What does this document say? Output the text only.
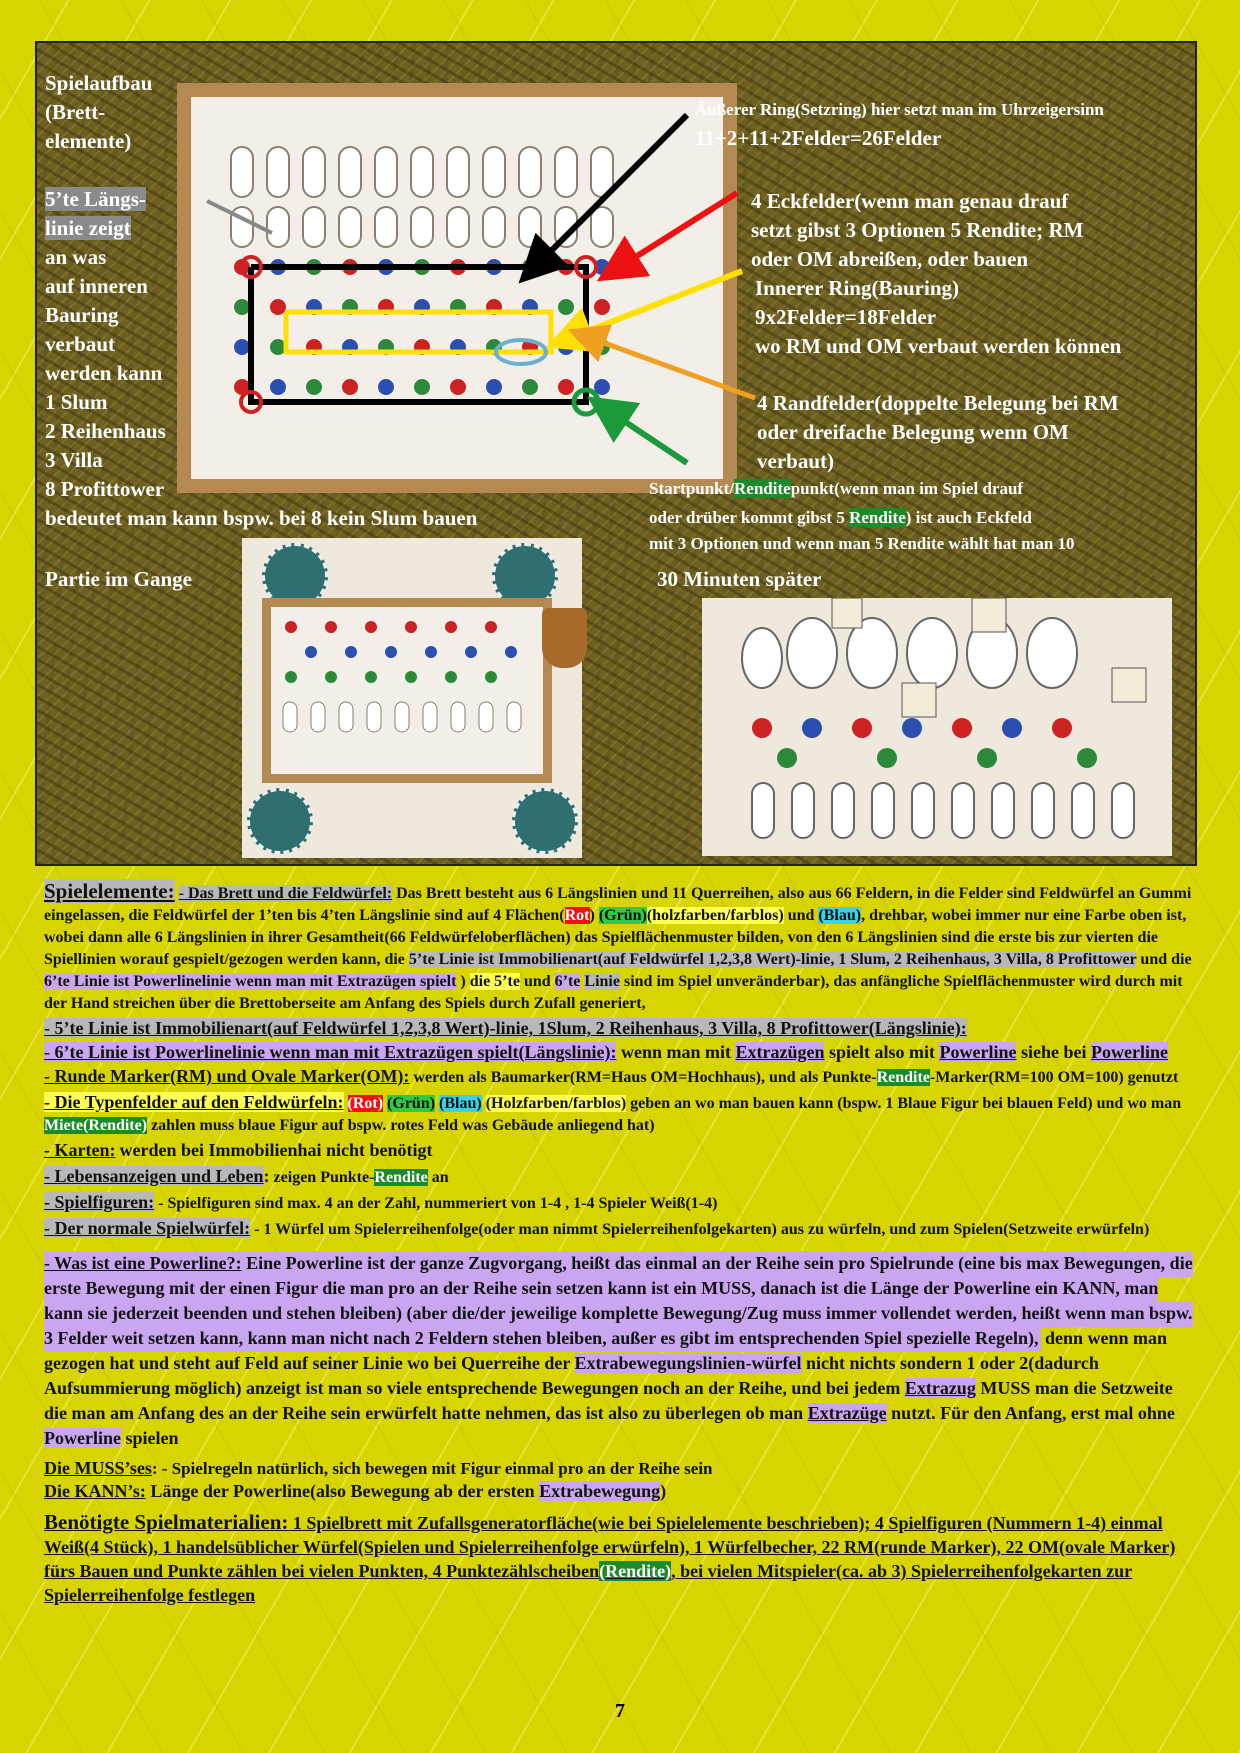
Spielaufbau
(Brett-
elemente)
5’te Längs-
linie zeigt
an was
auf inneren
Bauring
verbaut
werden kann
1 Slum
2 Reihenhaus
3 Villa
8 Profittower
bedeutet man kann bspw. bei 8 kein Slum bauen
Äußerer Ring(Setzring) hier setzt man im Uhrzeigersinn
11+2+11+2Felder=26Felder
4 Eckfelder(wenn man genau drauf
setzt gibst 3 Optionen 5 Rendite; RM
oder OM abreißen, oder bauen
Innerer Ring(Bauring)
9x2Felder=18Felder
wo RM und OM verbaut werden können
4 Randfelder(doppelte Belegung bei RM
oder dreifache Belegung wenn OM
verbaut)
Startpunkt/Renditepunkt(wenn man im Spiel drauf
oder drüber kommt gibst 5 Rendite) ist auch Eckfeld
mit 3 Optionen und wenn man 5 Rendite wählt hat man 10
Partie im Gange	30 Minuten später

Spielelemente: - Das Brett und die Feldwürfel: Das Brett besteht aus 6 Längslinien und 11 Querreihen, also aus 66 Feldern, in die Felder sind Feldwürfel an Gummi eingelassen, die Feldwürfel der 1’ten bis 4’ten Längslinie sind auf 4 Flächen(Rot) (Grün)(holzfarben/farblos) und (Blau), drehbar, wobei immer nur eine Farbe oben ist, wobei dann alle 6 Längslinien in ihrer Gesamtheit(66 Feldwürfeloberflächen) das Spielflächenmuster bilden, von den 6 Längslinien sind die erste bis zur vierten die Spiellinien worauf gespielt/gezogen werden kann, die 5’te Linie ist Immobilienart(auf Feldwürfel 1,2,3,8 Wert)-linie, 1 Slum, 2 Reihenhaus, 3 Villa, 8 Profittower und die 6’te Linie ist Powerlinelinie wenn man mit Extrazügen spielt ) die 5’te und 6’te Linie sind im Spiel unveränderbar), das anfängliche Spielflächenmuster wird durch mit der Hand streichen über die Brettoberseite am Anfang des Spiels durch Zufall generiert,

- 5’te Linie ist Immobilienart(auf Feldwürfel 1,2,3,8 Wert)-linie, 1Slum, 2 Reihenhaus, 3 Villa, 8 Profittower(Längslinie):

- 6’te Linie ist Powerlinelinie wenn man mit Extrazügen spielt(Längslinie): wenn man mit Extrazügen spielt also mit Powerline siehe bei Powerline

- Runde Marker(RM) und Ovale Marker(OM): werden als Baumarker(RM=Haus OM=Hochhaus), und als Punkte-Rendite-Marker(RM=100 OM=100) genutzt

- Die Typenfelder auf den Feldwürfeln: (Rot) (Grün) (Blau) (Holzfarben/farblos) geben an wo man bauen kann (bspw. 1 Blaue Figur bei blauen Feld) und wo man Miete(Rendite) zahlen muss blaue Figur auf bspw. rotes Feld was Gebäude anliegend hat)

- Karten: werden bei Immobilienhai nicht benötigt

- Lebensanzeigen und Leben: zeigen Punkte-Rendite an

- Spielfiguren: - Spielfiguren sind max. 4 an der Zahl, nummeriert von 1-4 , 1-4 Spieler Weiß(1-4)

- Der normale Spielwürfel: - 1 Würfel um Spielerreihenfolge(oder man nimmt Spielerreihenfolgekarten) aus zu würfeln, und zum Spielen(Setzweite erwürfeln)

- Was ist eine Powerline?: Eine Powerline ist der ganze Zugvorgang, heißt das einmal an der Reihe sein pro Spielrunde (eine bis max Bewegungen, die erste Bewegung mit der einen Figur die man pro an der Reihe sein setzen kann ist ein MUSS, danach ist die Länge der Powerline ein KANN, man kann sie jederzeit beenden und stehen bleiben) (aber die/der jeweilige komplette Bewegung/Zug muss immer vollendet werden, heißt wenn man bspw. 3 Felder weit setzen kann, kann man nicht nach 2 Feldern stehen bleiben, außer es gibt im entsprechenden Spiel spezielle Regeln), denn wenn man gezogen hat und steht auf Feld auf seiner Linie wo bei Querreihe der Extrabewegungslinien-würfel nicht nichts sondern 1 oder 2(dadurch Aufsummierung möglich) anzeigt ist man so viele entsprechende Bewegungen noch an der Reihe, und bei jedem Extrazug MUSS man die Setzweite die man am Anfang des an der Reihe sein erwürfelt hatte nehmen, das ist also zu überlegen ob man Extrazüge nutzt. Für den Anfang, erst mal ohne Powerline spielen

Die MUSS’ses: - Spielregeln natürlich, sich bewegen mit Figur einmal pro an der Reihe sein

Die KANN’s: Länge der Powerline(also Bewegung ab der ersten Extrabewegung)

Benötigte Spielmaterialien: 1 Spielbrett mit Zufallsgeneratorfläche(wie bei Spielelemente beschrieben); 4 Spielfiguren (Nummern 1-4) einmal Weiß(4 Stück), 1 handelsüblicher Würfel(Spielen und Spielerreihenfolge erwürfeln), 1 Würfelbecher, 22 RM(runde Marker), 22 OM(ovale Marker) fürs Bauen und Punkte zählen bei vielen Punkten, 4 Punktezählscheiben(Rendite), bei vielen Mitspieler(ca. ab 3) Spielerreihenfolgekarten zur Spielerreihenfolge festlegen

7
